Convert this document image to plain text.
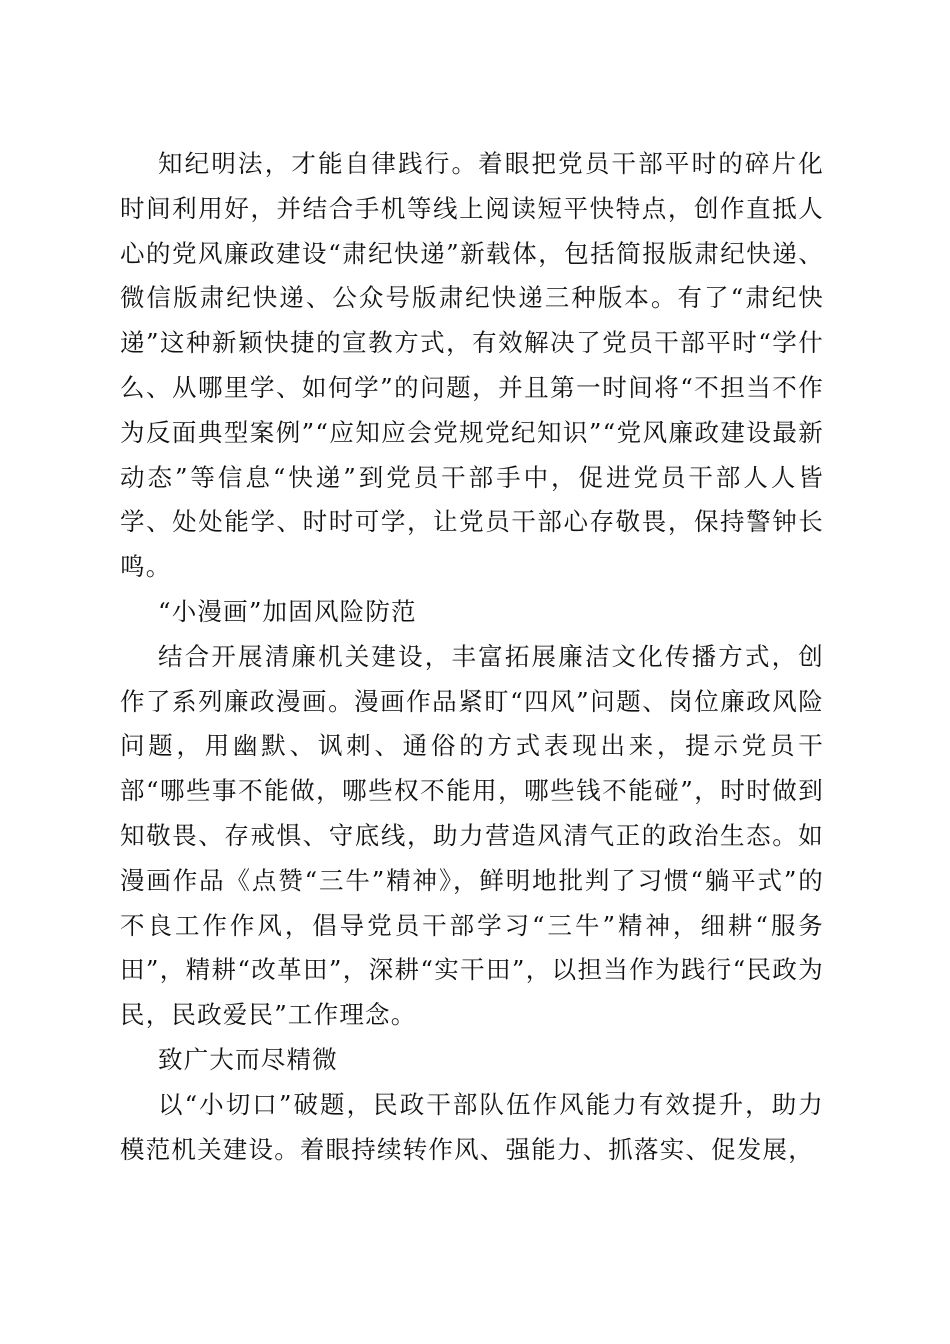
知纪明法，才能自律践行。着眼把党员干部平时的碎片化时间利用好，并结合手机等线上阅读短平快特点，创作直抵人心的党风廉政建设“肃纪快递”新载体，包括简报版肃纪快递、微信版肃纪快递、公众号版肃纪快递三种版本。有了“肃纪快递”这种新颖快捷的宣教方式，有效解决了党员干部平时“学什么、从哪里学、如何学”的问题，并且第一时间将“不担当不作为反面典型案例”“应知应会党规党纪知识”“党风廉政建设最新动态”等信息“快递”到党员干部手中，促进党员干部人人皆学、处处能学、时时可学，让党员干部心存敬畏，保持警钟长鸣。

“小漫画”加固风险防范

结合开展清廉机关建设，丰富拓展廉洁文化传播方式，创作了系列廉政漫画。漫画作品紧盯“四风”问题、岗位廉政风险问题，用幽默、讽刺、通俗的方式表现出来，提示党员干部“哪些事不能做，哪些权不能用，哪些钱不能碰”，时时做到知敬畏、存戒惧、守底线，助力营造风清气正的政治生态。如漫画作品《点赞“三牛”精神》，鲜明地批判了习惯“躺平式”的不良工作作风，倡导党员干部学习“三牛”精神，细耕“服务田”，精耕“改革田”，深耕“实干田”，以担当作为践行“民政为民，民政爱民”工作理念。

致广大而尽精微

以“小切口”破题，民政干部队伍作风能力有效提升，助力模范机关建设。着眼持续转作风、强能力、抓落实、促发展，
